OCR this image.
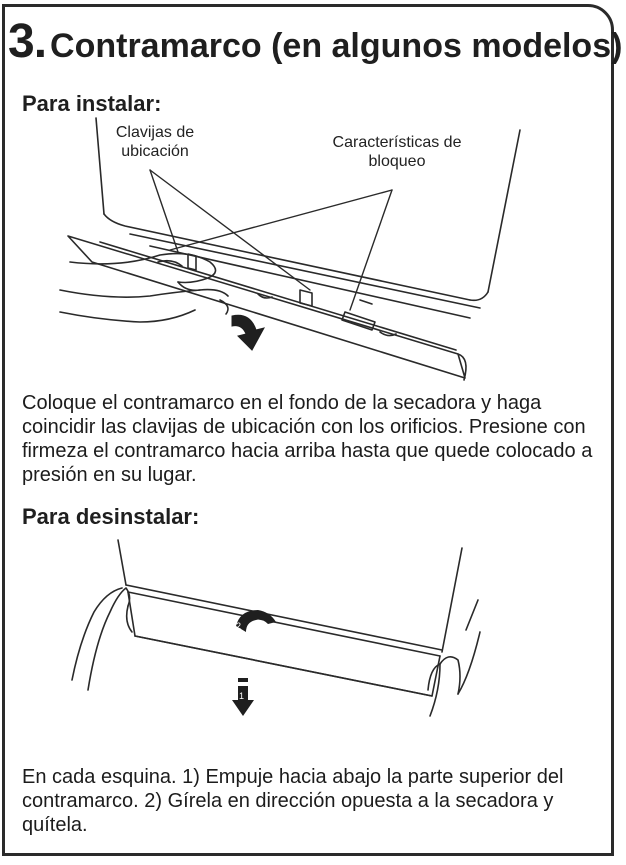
3. Contramarco (en algunos modelos)
Para instalar:
Clavijas de ubicación
Características de bloqueo

Coloque el contramarco en el fondo de la secadora y haga coincidir las clavijas de ubicación con los orificios. Presione con firmeza el contramarco hacia arriba hasta que quede colocado a presión en su lugar.

Para desinstalar:
2
1

En cada esquina. 1) Empuje hacia abajo la parte superior del contramarco. 2) Gírela en dirección opuesta a la secadora y quítela.
